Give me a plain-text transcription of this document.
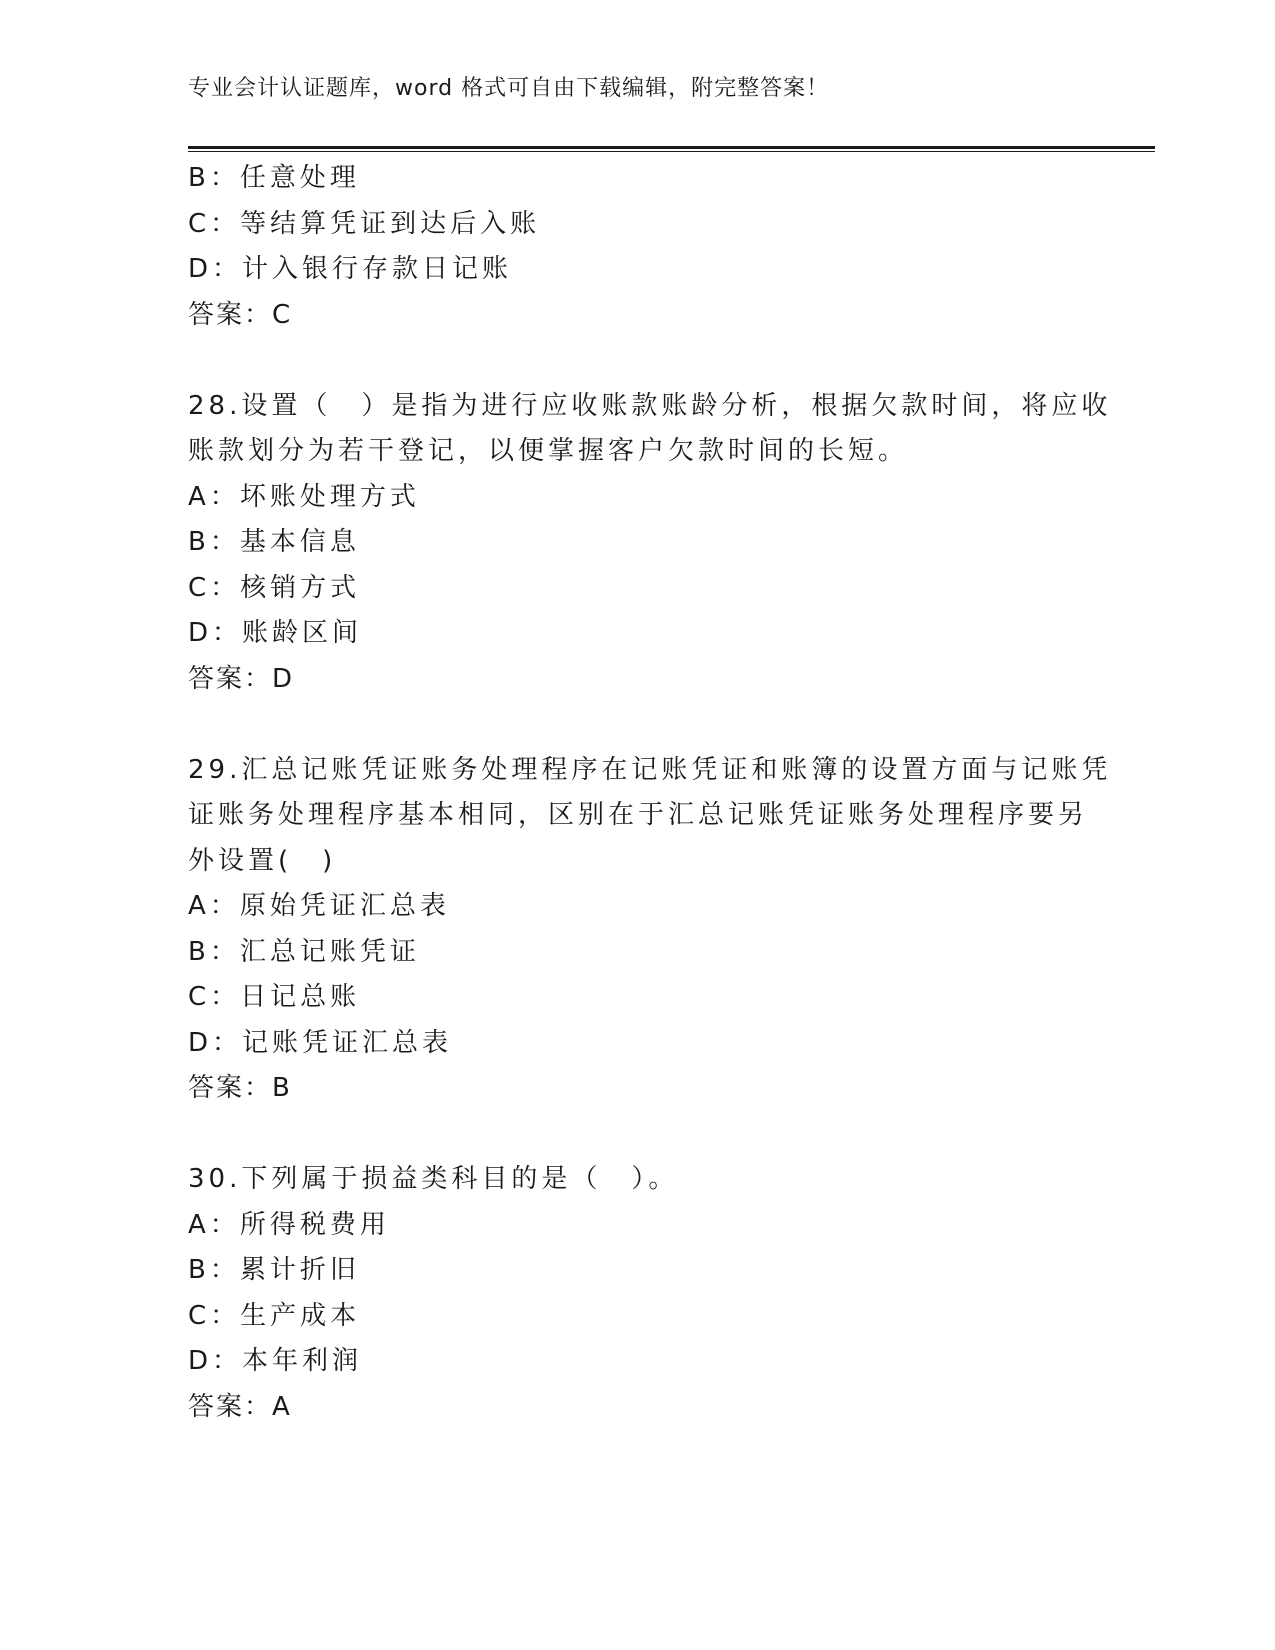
专业会计认证题库，word 格式可自由下载编辑，附完整答案！
B：任意处理
C：等结算凭证到达后入账
D：计入银行存款日记账
答案：C
28.设置（　）是指为进行应收账款账龄分析，根据欠款时间，将应收
账款划分为若干登记，以便掌握客户欠款时间的长短。
A：坏账处理方式
B：基本信息
C：核销方式
D：账龄区间
答案：D
29.汇总记账凭证账务处理程序在记账凭证和账簿的设置方面与记账凭
证账务处理程序基本相同，区别在于汇总记账凭证账务处理程序要另
外设置(　)
A：原始凭证汇总表
B：汇总记账凭证
C：日记总账
D：记账凭证汇总表
答案：B
30.下列属于损益类科目的是（　）。
A：所得税费用
B：累计折旧
C：生产成本
D：本年利润
答案：A
